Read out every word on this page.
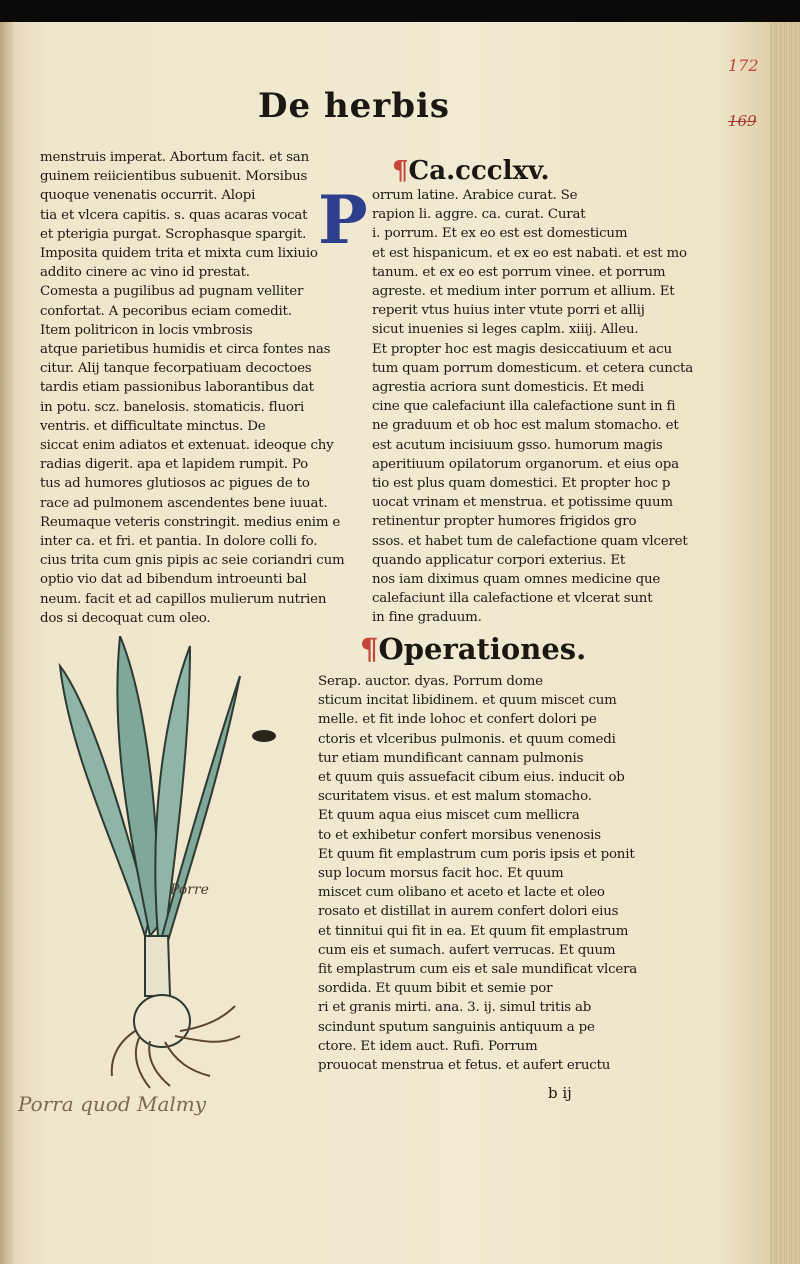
172
169
De herbis
menstruis imperat. Abortum facit. et san
guinem reiicientibus subuenit. Morsibus
quoque venenatis occurrit. Alopi
tia et vlcera capitis. s. quas acaras vocat
et pterigia purgat. Scrophasque spargit.
Imposita quidem trita et mixta cum lixiuio
addito cinere ac vino id prestat.
Comesta a pugilibus ad pugnam velliter
confortat. A pecoribus eciam comedit.
Item politricon in locis vmbrosis
atque parietibus humidis et circa fontes nas
citur. Alij tanque fecorpatiuam decoctoes
tardis etiam passionibus laborantibus dat
in potu. scz. banelosis. stomaticis. fluori
ventris. et difficultate minctus. De
siccat enim adiatos et extenuat. ideoque chy
radias digerit. apa et lapidem rumpit. Po
tus ad humores glutiosos ac pigues de to
race ad pulmonem ascendentes bene iuuat.
Reumaque veteris constringit. medius enim e
inter ca. et fri. et pantia. In dolore colli fo.
cius trita cum gnis pipis ac seie coriandri cum
optio vio dat ad bibendum introeunti bal
neum. facit et ad capillos mulierum nutrien
dos si decoquat cum oleo.
¶Ca.ccclxv.
P orrum latine. Arabice curat. Se
rapion li. aggre. ca. curat. Curat
i. porrum. Et ex eo est est domesticum
et est hispanicum. et ex eo est nabati. et est mo
tanum. et ex eo est porrum vinee. et porrum
agreste. et medium inter porrum et allium. Et
reperit vtus huius inter vtute porri et allij
sicut inuenies si leges caplm. xiiij. Alleu.
Et propter hoc est magis desiccatiuum et acu
tum quam porrum domesticum. et cetera cuncta
agrestia acriora sunt domesticis. Et medi
cine que calefaciunt illa calefactione sunt in fi
ne graduum et ob hoc est malum stomacho. et
est acutum incisiuum gsso. humorum magis
aperitiuum opilatorum organorum. et eius opa
tio est plus quam domestici. Et propter hoc p
uocat vrinam et menstrua. et potissime quum
retinentur propter humores frigidos gro
ssos. et habet tum de calefactione quam vlceret
quando applicatur corpori exterius. Et
nos iam diximus quam omnes medicine que
calefaciunt illa calefactione et vlcerat sunt
in fine graduum.
¶Operationes.
Serap. auctor. dyas. Porrum dome
sticum incitat libidinem. et quum miscet cum
melle. et fit inde lohoc et confert dolori pe
ctoris et vlceribus pulmonis. et quum comedi
tur etiam mundificant cannam pulmonis
et quum quis assuefacit cibum eius. inducit ob
scuritatem visus. et est malum stomacho.
Et quum aqua eius miscet cum mellicra
to et exhibetur confert morsibus venenosis
Et quum fit emplastrum cum poris ipsis et ponit
sup locum morsus facit hoc. Et quum
miscet cum olibano et aceto et lacte et oleo
rosato et distillat in aurem confert dolori eius
et tinnitui qui fit in ea. Et quum fit emplastrum
cum eis et sumach. aufert verrucas. Et quum
fit emplastrum cum eis et sale mundificat vlcera
sordida. Et quum bibit et semie por
ri et granis mirti. ana. 3. ij. simul tritis ab
scindunt sputum sanguinis antiquum a pe
ctore. Et idem auct. Rufi. Porrum
prouocat menstrua et fetus. et aufert eructu
b ij
Porre
Porra quod Malmy
